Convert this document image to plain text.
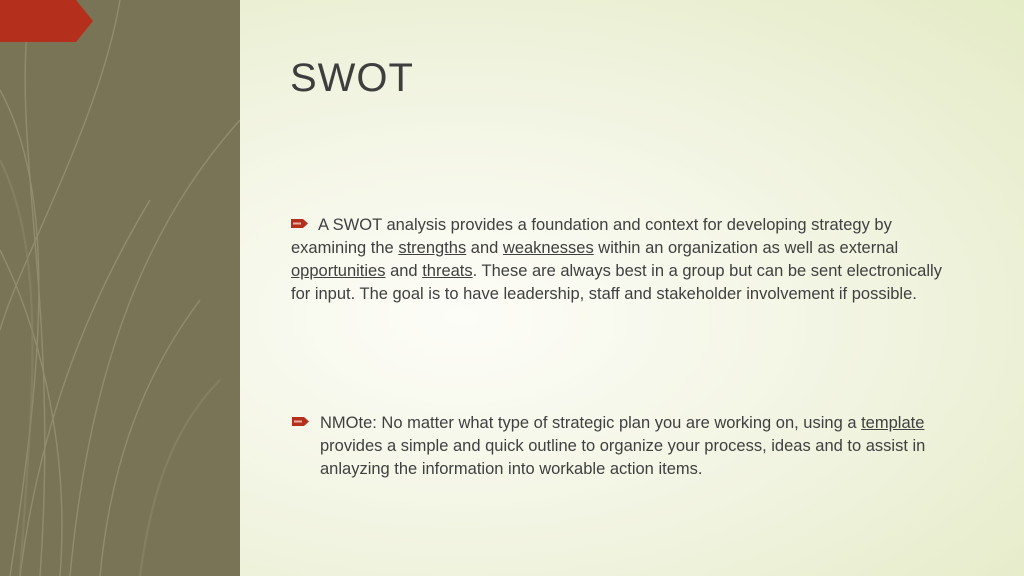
SWOT
A SWOT analysis provides a foundation and context for developing strategy by examining the strengths and weaknesses within an organization as well as external opportunities and threats. These are always best in a group but can be sent electronically for input. The goal is to have leadership, staff and stakeholder involvement if possible.
NMOte: No matter what type of strategic plan you are working on, using a template provides a simple and quick outline to organize your process, ideas and to assist in anlayzing the information into workable action items.
